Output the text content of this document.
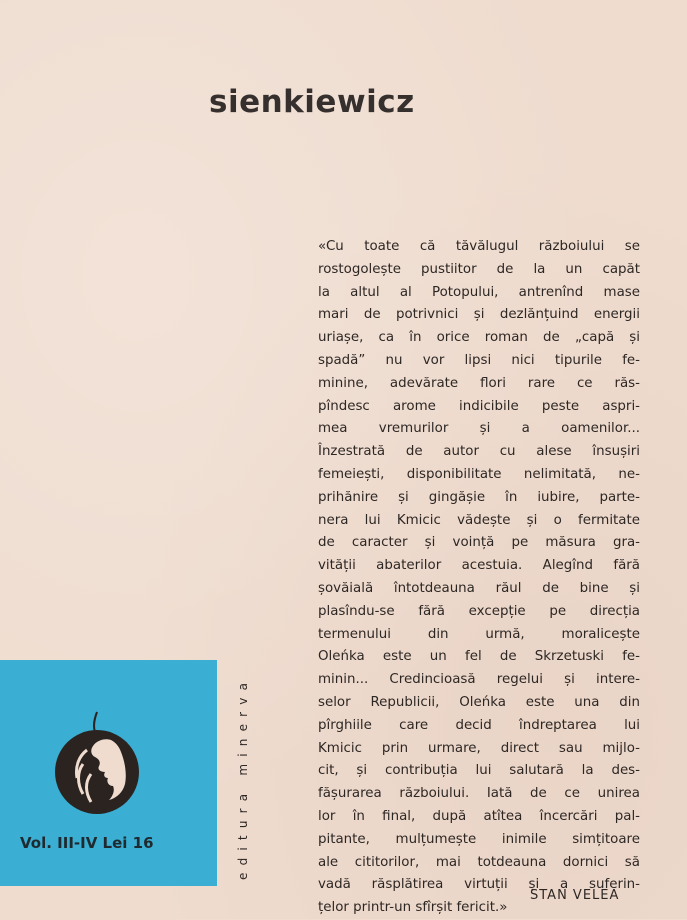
sienkiewicz
«Cu toate că tăvălugul războiului se
rostogolește pustiitor de la un capăt
la altul al Potopului, antrenînd mase
mari de potrivnici și dezlănțuind energii
uriașe, ca în orice roman de „capă și
spadă” nu vor lipsi nici tipurile fe-
minine, adevărate flori rare ce răs-
pîndesc arome indicibile peste aspri-
mea vremurilor și a oamenilor...
Înzestrată de autor cu alese însușiri
femeiești, disponibilitate nelimitată, ne-
prihănire și gingășie în iubire, parte-
nera lui Kmicic vădește și o fermitate
de caracter și voință pe măsura gra-
vității abaterilor acestuia. Alegînd fără
șovăială întotdeauna răul de bine și
plasîndu-se fără excepție pe direcția
termenului din urmă, moralicește
Oleńka este un fel de Skrzetuski fe-
minin... Credincioasă regelui și intere-
selor Republicii, Oleńka este una din
pîrghiile care decid îndreptarea lui
Kmicic prin urmare, direct sau mijlo-
cit, și contribuția lui salutară la des-
fășurarea războiului. Iată de ce unirea
lor în final, după atîtea încercări pal-
pitante, mulțumește inimile simțitoare
ale cititorilor, mai totdeauna dornici să
vadă răsplătirea virtuții și a suferin-
țelor printr-un sfîrșit fericit.»
STAN VELEA
Vol. III-IV Lei 16	editura minerva
